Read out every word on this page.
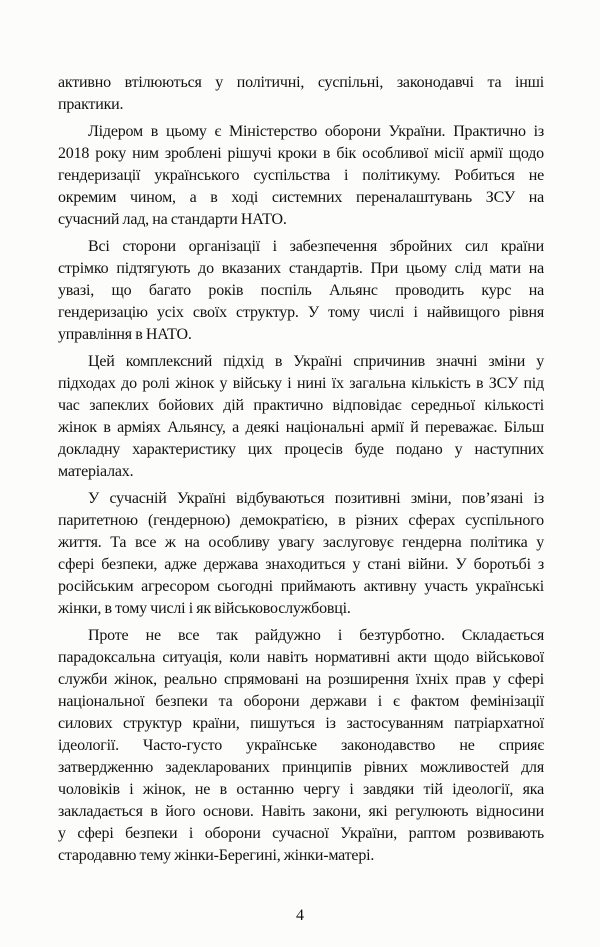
активно втілюються у політичні, суспільні, законодавчі та інші
практики.
Лідером в цьому є Міністерство оборони України. Практично із
2018 року ним зроблені рішучі кроки в бік особливої місії армії щодо
гендеризації українського суспільства і політикуму. Робиться не
окремим чином, а в ході системних переналаштувань ЗСУ на
сучасний лад, на стандарти НАТО.
Всі сторони організації і забезпечення збройних сил країни
стрімко підтягують до вказаних стандартів. При цьому слід мати на
увазі, що багато років поспіль Альянс проводить курс на
гендеризацію усіх своїх структур. У тому числі і найвищого рівня
управління в НАТО.
Цей комплексний підхід в Україні спричинив значні зміни у
підходах до ролі жінок у війську і нині їх загальна кількість в ЗСУ під
час запеклих бойових дій практично відповідає середньої кількості
жінок в арміях Альянсу, а деякі національні армії й переважає. Більш
докладну характеристику цих процесів буде подано у наступних
матеріалах.
У сучасній Україні відбуваються позитивні зміни, пов’язані із
паритетною (гендерною) демократією, в різних сферах суспільного
життя. Та все ж на особливу увагу заслуговує гендерна політика у
сфері безпеки, адже держава знаходиться у стані війни. У боротьбі з
російським агресором сьогодні приймають активну участь українські
жінки, в тому числі і як військовослужбовці.
Проте не все так райдужно і безтурботно. Складається
парадоксальна ситуація, коли навіть нормативні акти щодо військової
служби жінок, реально спрямовані на розширення їхніх прав у сфері
національної безпеки та оборони держави і є фактом фемінізації
силових структур країни, пишуться із застосуванням патріархатної
ідеології. Часто-густо українське законодавство не сприяє
затвердженню задекларованих принципів рівних можливостей для
чоловіків і жінок, не в останню чергу і завдяки тій ідеології, яка
закладається в його основи. Навіть закони, які регулюють відносини
у сфері безпеки і оборони сучасної України, раптом розвивають
стародавню тему жінки-Берегині, жінки-матері.
4
